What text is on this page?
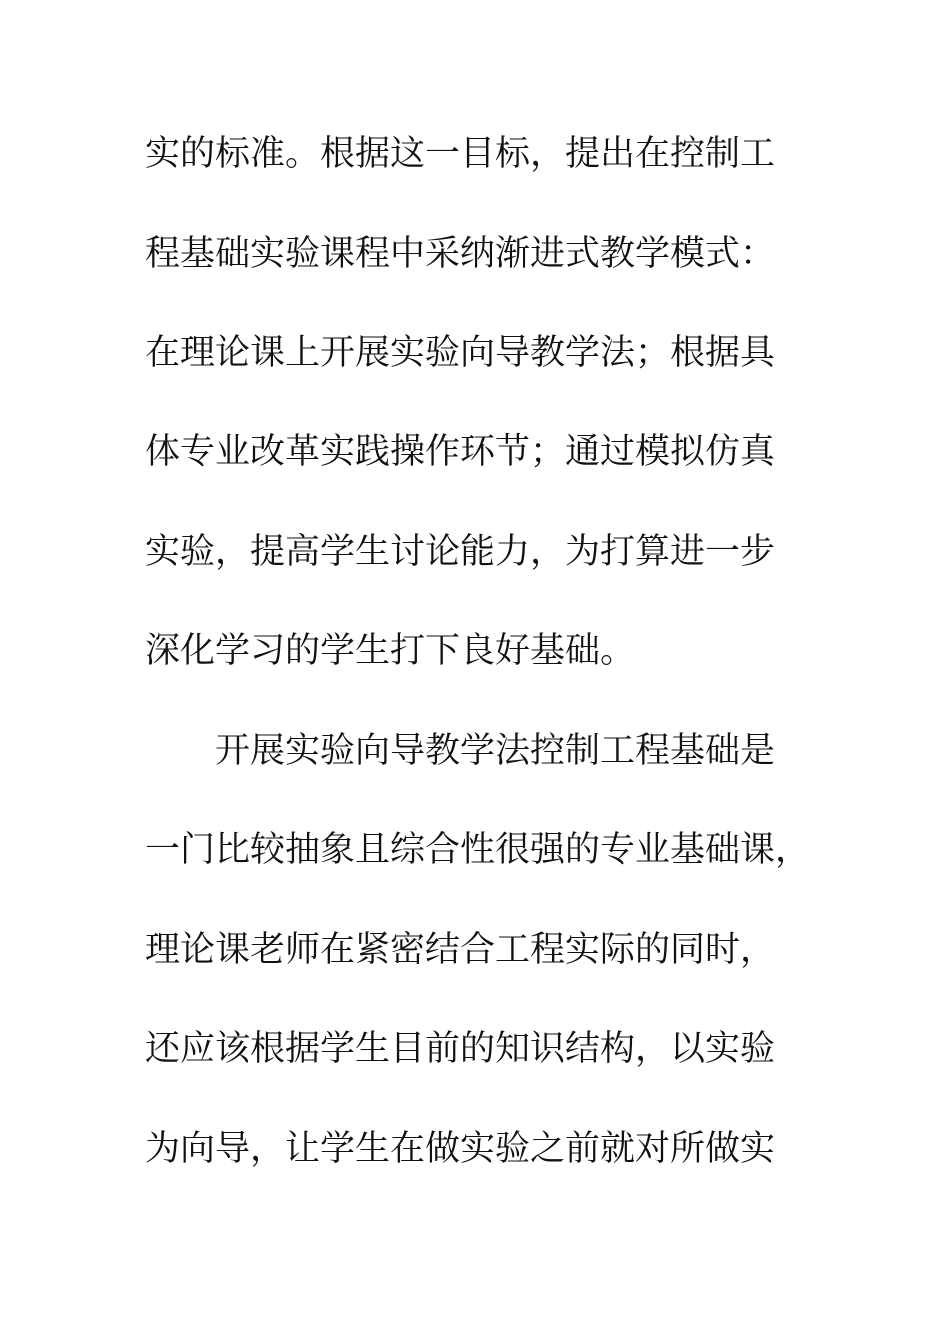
实的标准。根据这一目标，提出在控制工
程基础实验课程中采纳渐进式教学模式：
在理论课上开展实验向导教学法；根据具
体专业改革实践操作环节；通过模拟仿真
实验，提高学生讨论能力，为打算进一步
深化学习的学生打下良好基础。
　　开展实验向导教学法控制工程基础是
一门比较抽象且综合性很强的专业基础课，
理论课老师在紧密结合工程实际的同时，
还应该根据学生目前的知识结构，以实验
为向导，让学生在做实验之前就对所做实
